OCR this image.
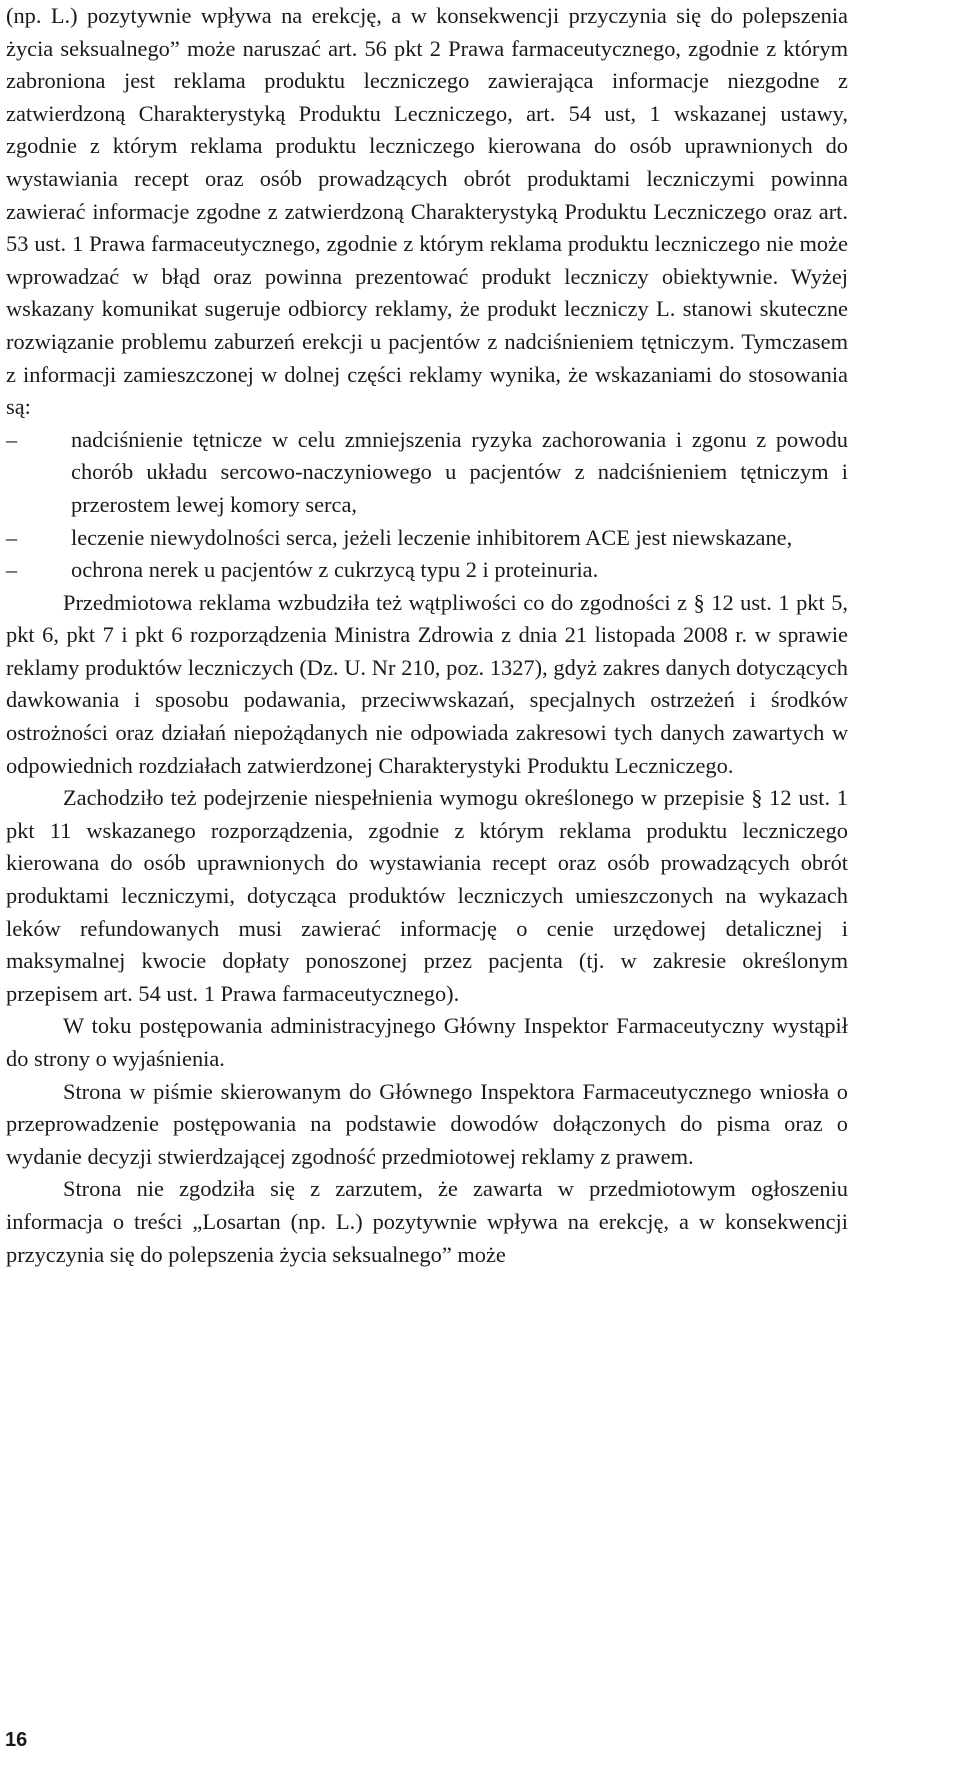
(np. L.) pozytywnie wpływa na erekcję, a w konsekwencji przyczynia się do polepszenia życia seksualnego” może naruszać art. 56 pkt 2 Prawa farmaceutycznego, zgodnie z którym zabroniona jest reklama produktu leczniczego zawierająca informacje niezgodne z zatwierdzoną Charakterystyką Produktu Leczniczego, art. 54 ust, 1 wskazanej ustawy, zgodnie z którym reklama produktu leczniczego kierowana do osób uprawnionych do wystawiania recept oraz osób prowadzących obrót produktami leczniczymi powinna zawierać informacje zgodne z zatwierdzoną Charakterystyką Produktu Leczniczego oraz art. 53 ust. 1 Prawa farmaceutycznego, zgodnie z którym reklama produktu leczniczego nie może wprowadzać w błąd oraz powinna prezentować produkt leczniczy obiektywnie. Wyżej wskazany komunikat sugeruje odbiorcy reklamy, że produkt leczniczy L. stanowi skuteczne rozwiązanie problemu zaburzeń erekcji u pacjentów z nadciśnieniem tętniczym. Tymczasem z informacji zamieszczonej w dolnej części reklamy wynika, że wskazaniami do stosowania są:

–	nadciśnienie tętnicze w celu zmniejszenia ryzyka zachorowania i zgonu z powodu chorób układu sercowo-naczyniowego u pacjentów z nadciśnieniem tętniczym i przerostem lewej komory serca,
–	leczenie niewydolności serca, jeżeli leczenie inhibitorem ACE jest niewskazane,
–	ochrona nerek u pacjentów z cukrzycą typu 2 i proteinuria.

Przedmiotowa reklama wzbudziła też wątpliwości co do zgodności z § 12 ust. 1 pkt 5, pkt 6, pkt 7 i pkt 6 rozporządzenia Ministra Zdrowia z dnia 21 listopada 2008 r. w sprawie reklamy produktów leczniczych (Dz. U. Nr 210, poz. 1327), gdyż zakres danych dotyczących dawkowania i sposobu podawania, przeciwwskazań, specjalnych ostrzeżeń i środków ostrożności oraz działań niepożądanych nie odpowiada zakresowi tych danych zawartych w odpowiednich rozdziałach zatwierdzonej Charakterystyki Produktu Leczniczego.

Zachodziło też podejrzenie niespełnienia wymogu określonego w przepisie § 12 ust. 1 pkt 11 wskazanego rozporządzenia, zgodnie z którym reklama produktu leczniczego kierowana do osób uprawnionych do wystawiania recept oraz osób prowadzących obrót produktami leczniczymi, dotycząca produktów leczniczych umieszczonych na wykazach leków refundowanych musi zawierać informację o cenie urzędowej detalicznej i maksymalnej kwocie dopłaty ponoszonej przez pacjenta (tj. w zakresie określonym przepisem art. 54 ust. 1 Prawa farmaceutycznego).

W toku postępowania administracyjnego Główny Inspektor Farmaceutyczny wystąpił do strony o wyjaśnienia.

Strona w piśmie skierowanym do Głównego Inspektora Farmaceutycznego wniosła o przeprowadzenie postępowania na podstawie dowodów dołączonych do pisma oraz o wydanie decyzji stwierdzającej zgodność przedmiotowej reklamy z prawem.

Strona nie zgodziła się z zarzutem, że zawarta w przedmiotowym ogłoszeniu informacja o treści „Losartan (np. L.) pozytywnie wpływa na erekcję, a w konsekwencji przyczynia się do polepszenia życia seksualnego” może

16
